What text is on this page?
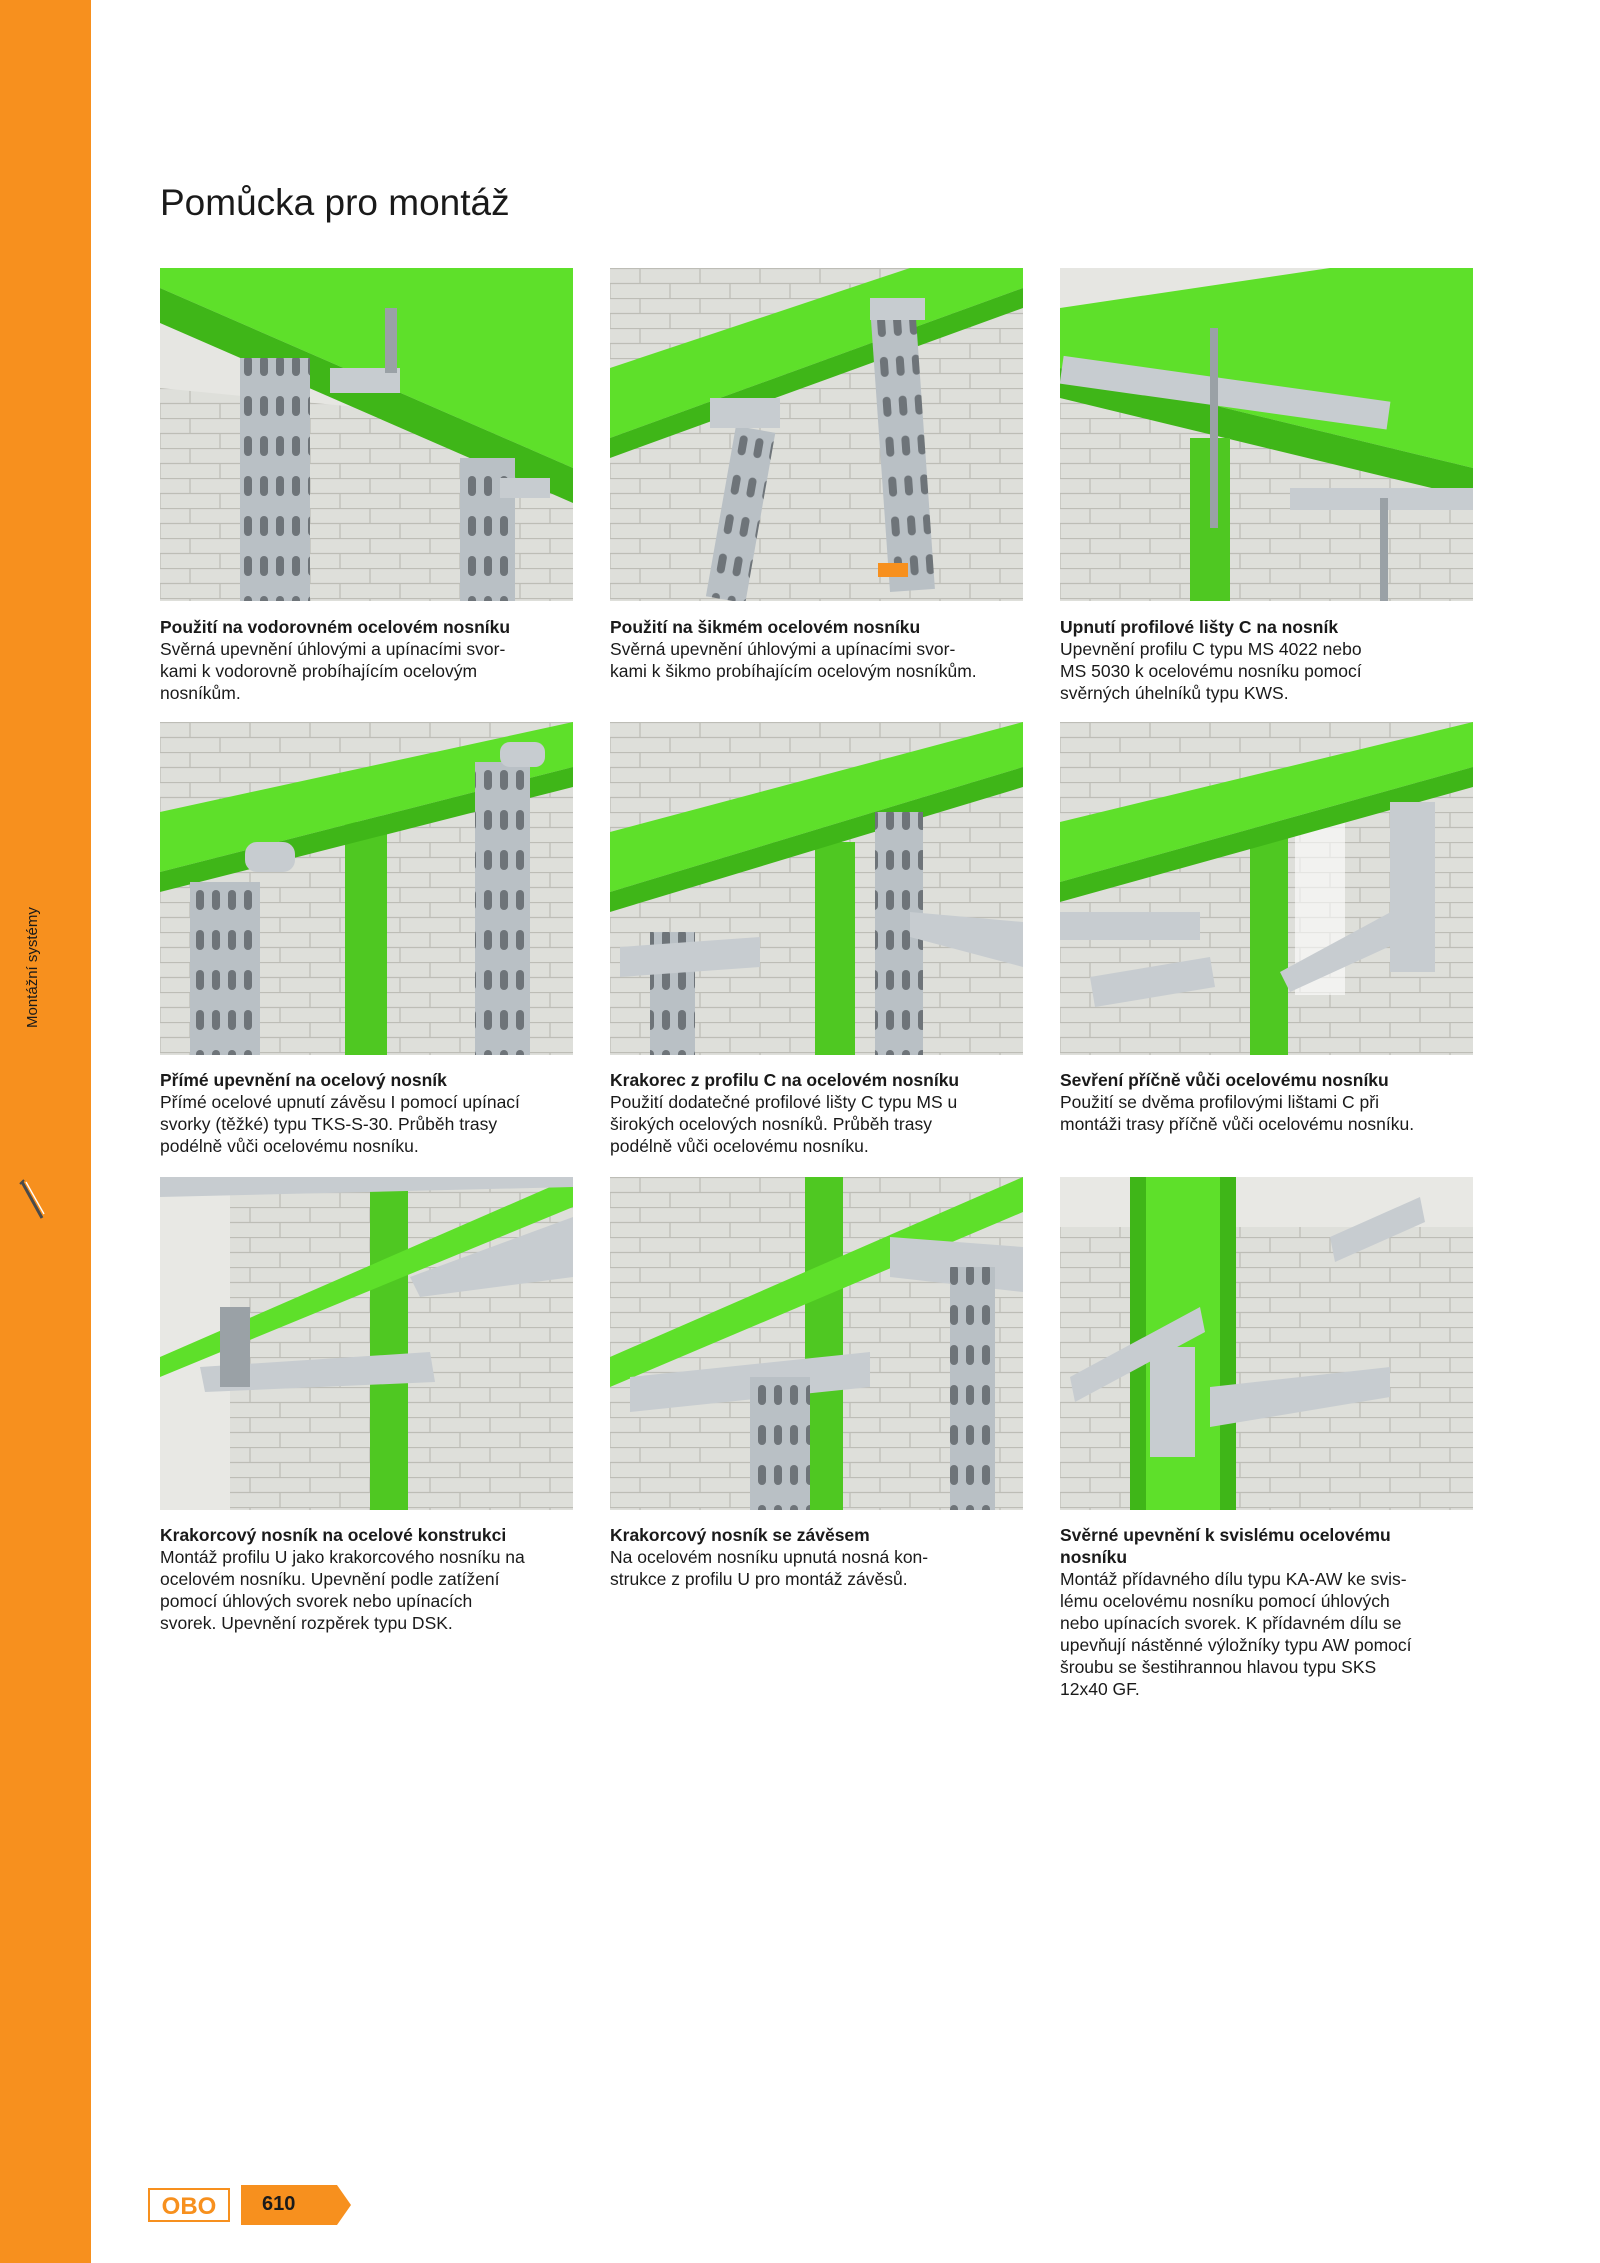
Montážní systémy
Pomůcka pro montáž
Použití na vodorovném ocelovém nosníku
Svěrná upevnění úhlovými a upínacími svor-
kami k vodorovně probíhajícím ocelovým
nosníkům.
Použití na šikmém ocelovém nosníku
Svěrná upevnění úhlovými a upínacími svor-
kami k šikmo probíhajícím ocelovým nosníkům.
Upnutí profilové lišty C na nosník
Upevnění profilu C typu MS 4022 nebo
MS 5030 k ocelovému nosníku pomocí
svěrných úhelníků typu KWS.
Přímé upevnění na ocelový nosník
Přímé ocelové upnutí závěsu I pomocí upínací
svorky (těžké) typu TKS-S-30. Průběh trasy
podélně vůči ocelovému nosníku.
Krakorec z profilu C na ocelovém nosníku
Použití dodatečné profilové lišty C typu MS u
širokých ocelových nosníků. Průběh trasy
podélně vůči ocelovému nosníku.
Sevření příčně vůči ocelovému nosníku
Použití se dvěma profilovými lištami C při
montáži trasy příčně vůči ocelovému nosníku.
Krakorcový nosník na ocelové konstrukci
Montáž profilu U jako krakorcového nosníku na
ocelovém nosníku. Upevnění podle zatížení
pomocí úhlových svorek nebo upínacích
svorek. Upevnění rozpěrek typu DSK.
Krakorcový nosník se závěsem
Na ocelovém nosníku upnutá nosná kon-
strukce z profilu U pro montáž závěsů.
Svěrné upevnění k svislému ocelovému nosníku
Montáž přídavného dílu typu KA-AW ke svis-
lému ocelovému nosníku pomocí úhlových
nebo upínacích svorek. K přídavném dílu se
upevňují nástěnné výložníky typu AW pomocí
šroubu se šestihrannou hlavou typu SKS
12x40 GF.
OBO 610
